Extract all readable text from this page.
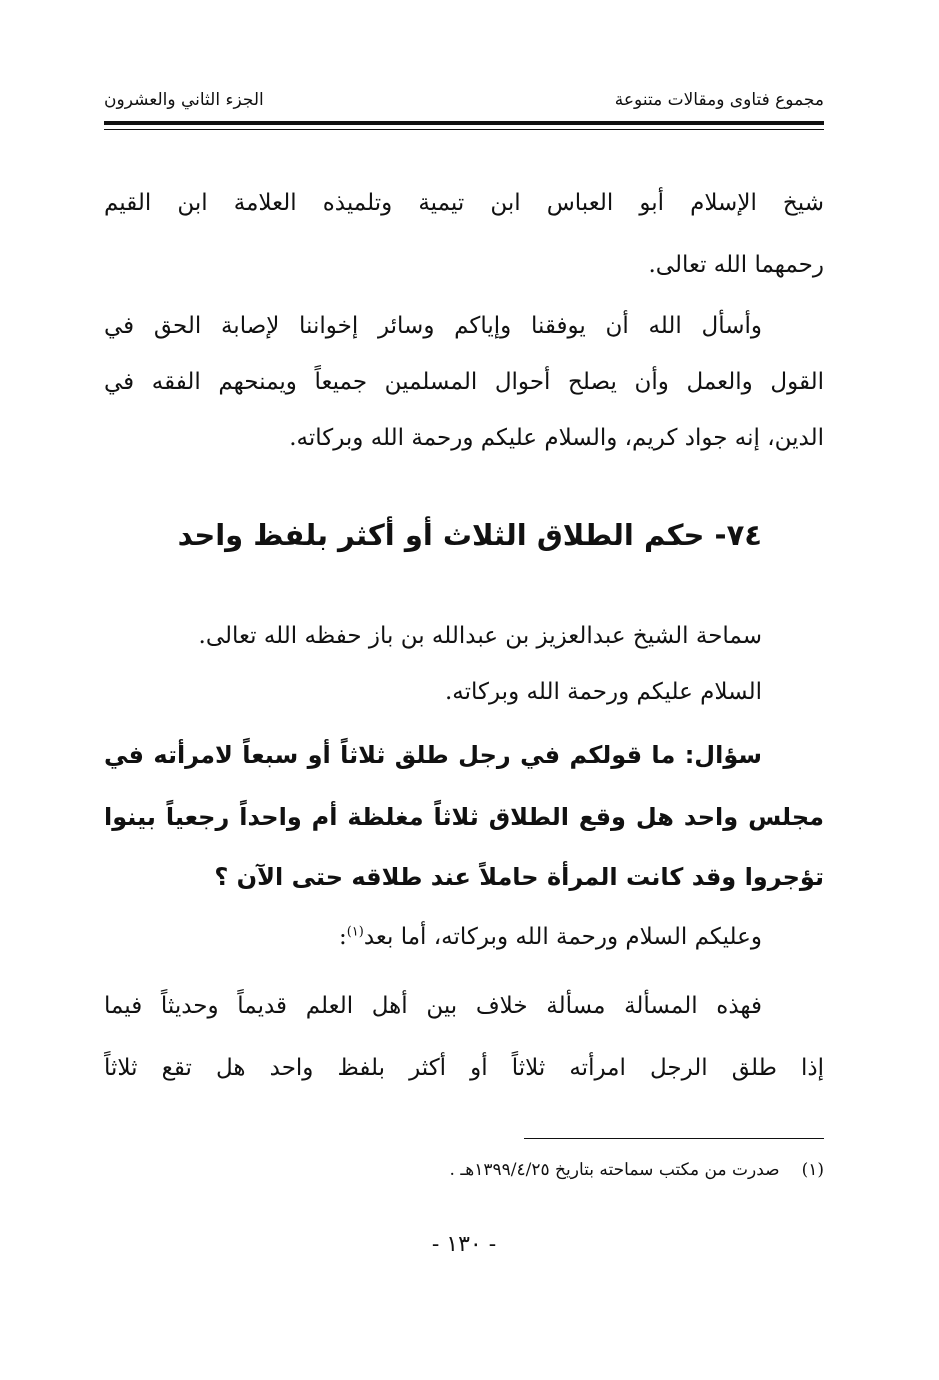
مجموع فتاوى ومقالات متنوعة
الجزء الثاني والعشرون
شيخ الإسلام أبو العباس ابن تيمية وتلميذه العلامة ابن القيم
رحمهما الله تعالى.
وأسأل الله أن يوفقنا وإياكم وسائر إخواننا لإصابة الحق في
القول والعمل وأن يصلح أحوال المسلمين جميعاً ويمنحهم الفقه في
الدين، إنه جواد كريم، والسلام عليكم ورحمة الله وبركاته.
٧٤- حكم الطلاق الثلاث أو أكثر بلفظ واحد
سماحة الشيخ عبدالعزيز بن عبدالله بن باز حفظه الله تعالى.
السلام عليكم ورحمة الله وبركاته.
سؤال: ما قولكم في رجل طلق ثلاثاً أو سبعاً لامرأته في
مجلس واحد هل وقع الطلاق ثلاثاً مغلظة أم واحداً رجعياً بينوا
تؤجروا وقد كانت المرأة حاملاً عند طلاقه حتى الآن ؟
وعليكم السلام ورحمة الله وبركاته، أما بعد$^{(١)}$:
فهذه المسألة مسألة خلاف بين أهل العلم قديماً وحديثاً فيما
إذا طلق الرجل امرأته ثلاثاً أو أكثر بلفظ واحد هل تقع ثلاثاً
(١)صدرت من مكتب سماحته بتاريخ ١٣٩٩/٤/٢٥هـ .
- ١٣٠ -
